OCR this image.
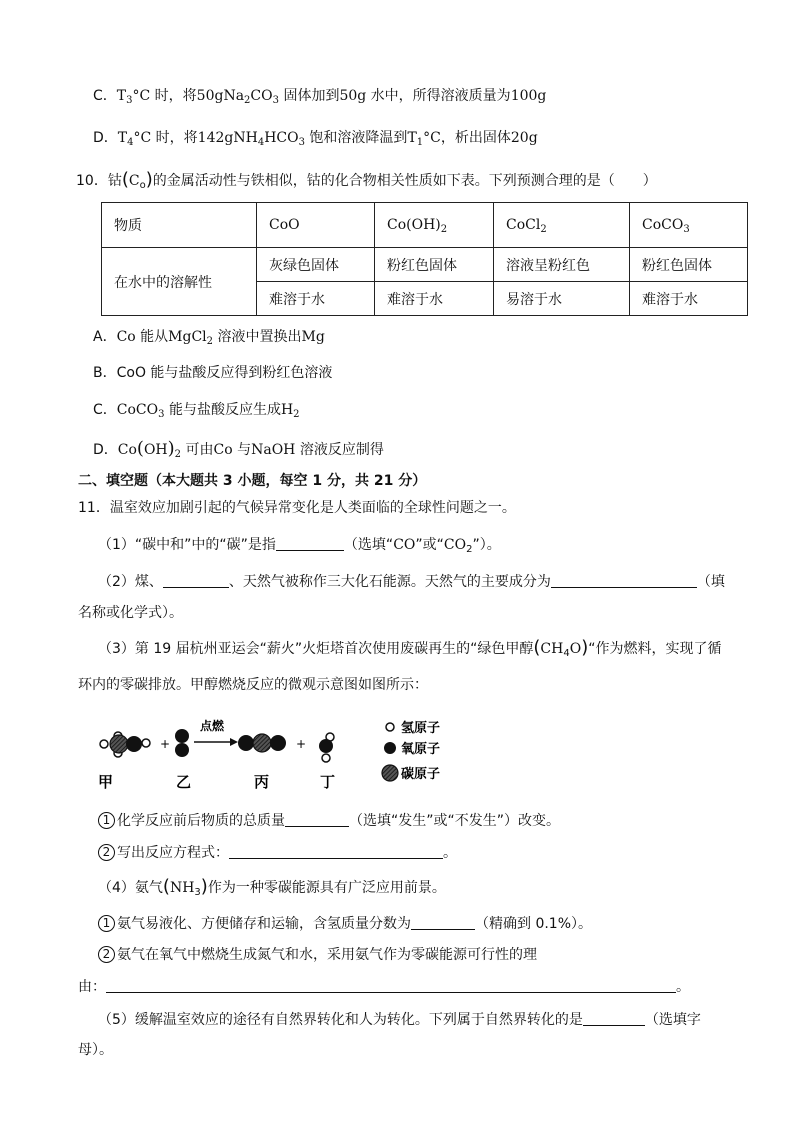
C．$T_3^\circ C$ 时，将$50gNa_2CO_3$ 固体加到50g 水中，所得溶液质量为100g
D．$T_4^\circ C$ 时，将$142gNH_4HCO_3$ 饱和溶液降温到$T_1^\circ C$，析出固体20g
10．钴$(C_o)$的金属活动性与铁相似，钴的化合物相关性质如下表。下列预测合理的是（　　）
物质	CoO	$Co(OH)_2$	CoCl$_2$	CoCO$_3$
在水中的溶解性	灰绿色固体	粉红色固体	溶液呈粉红色	粉红色固体
	难溶于水	难溶于水	易溶于水	难溶于水
A．Co 能从MgCl$_2$ 溶液中置换出Mg
B．CoO 能与盐酸反应得到粉红色溶液
C．CoCO$_3$ 能与盐酸反应生成$H_2$
D．$Co(OH)_2$ 可由Co 与NaOH 溶液反应制得
二、填空题（本大题共 3 小题，每空 1 分，共 21 分）
11．温室效应加剧引起的气候异常变化是人类面临的全球性问题之一。
（1）“碳中和”中的“碳”是指	（选填“CO”或“$CO_2$”）。
（2）煤、	、天然气被称作三大化石能源。天然气的主要成分为	（填
名称或化学式）。
（3）第 19 届杭州亚运会“薪火”火炬塔首次使用废碳再生的“绿色甲醇$(CH_4O)“$作为燃料，实现了循
环内的零碳排放。甲醇燃烧反应的微观示意图如图所示：
+
点燃
+
甲	乙	丙	丁
氢原子
氧原子
碳原子
1 化学反应前后物质的总质量	（选填“发生”或“不发生”）改变。
2 写出反应方程式：	。
（4）氨气$(NH_3)$作为一种零碳能源具有广泛应用前景。
1 氨气易液化、方便储存和运输，含氢质量分数为	（精确到 0.1%）。
2 氨气在氧气中燃烧生成氮气和水，采用氨气作为零碳能源可行性的理
由：	。
（5）缓解温室效应的途径有自然界转化和人为转化。下列属于自然界转化的是	（选填字
母）。
